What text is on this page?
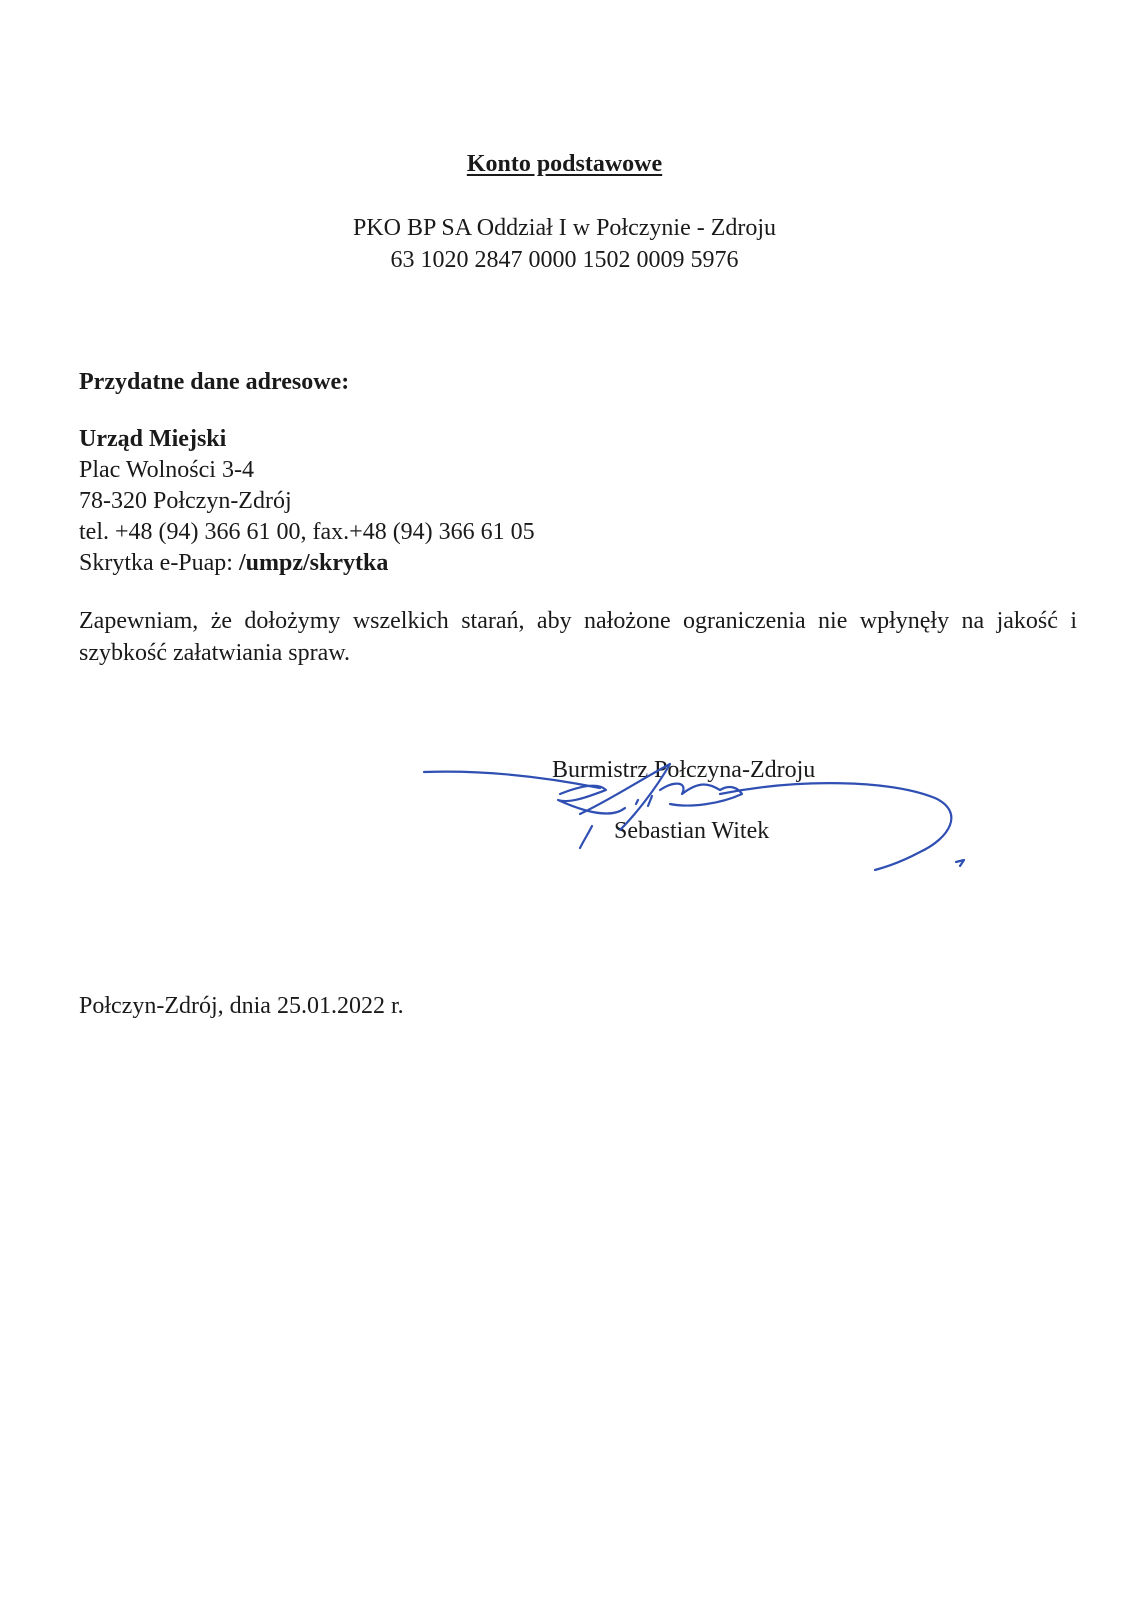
Konto podstawowe
PKO BP SA Oddział I w Połczynie - Zdroju
63 1020 2847 0000 1502 0009 5976
Przydatne dane adresowe:
Urząd Miejski
Plac Wolności 3-4
78-320 Połczyn-Zdrój
tel. +48 (94) 366 61 00, fax.+48 (94) 366 61 05
Skrytka e-Puap: /umpz/skrytka
Zapewniam, że dołożymy wszelkich starań, aby nałożone ograniczenia nie wpłynęły na jakość i szybkość załatwiania spraw.
Burmistrz Połczyna-Zdroju
Sebastian Witek
Połczyn-Zdrój, dnia 25.01.2022 r.
